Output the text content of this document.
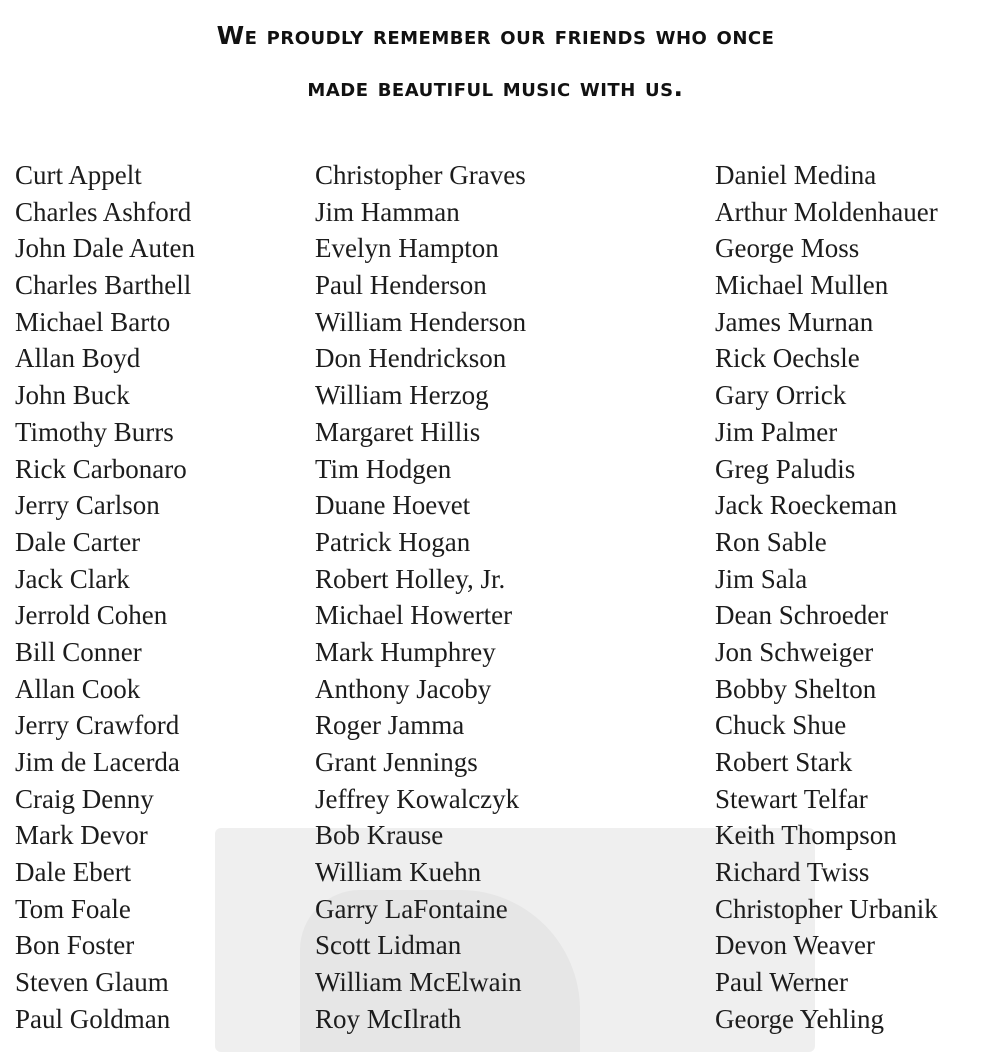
We proudly remember our friends who once
made beautiful music with us.
Curt Appelt
Charles Ashford
John Dale Auten
Charles Barthell
Michael Barto
Allan Boyd
John Buck
Timothy Burrs
Rick Carbonaro
Jerry Carlson
Dale Carter
Jack Clark
Jerrold Cohen
Bill Conner
Allan Cook
Jerry Crawford
Jim de Lacerda
Craig Denny
Mark Devor
Dale Ebert
Tom Foale
Bon Foster
Steven Glaum
Paul Goldman
Christopher Graves
Jim Hamman
Evelyn Hampton
Paul Henderson
William Henderson
Don Hendrickson
William Herzog
Margaret Hillis
Tim Hodgen
Duane Hoevet
Patrick Hogan
Robert Holley, Jr.
Michael Howerter
Mark Humphrey
Anthony Jacoby
Roger Jamma
Grant Jennings
Jeffrey Kowalczyk
Bob Krause
William Kuehn
Garry LaFontaine
Scott Lidman
William McElwain
Roy McIlrath
Daniel Medina
Arthur Moldenhauer
George Moss
Michael Mullen
James Murnan
Rick Oechsle
Gary Orrick
Jim Palmer
Greg Paludis
Jack Roeckeman
Ron Sable
Jim Sala
Dean Schroeder
Jon Schweiger
Bobby Shelton
Chuck Shue
Robert Stark
Stewart Telfar
Keith Thompson
Richard Twiss
Christopher Urbanik
Devon Weaver
Paul Werner
George Yehling
